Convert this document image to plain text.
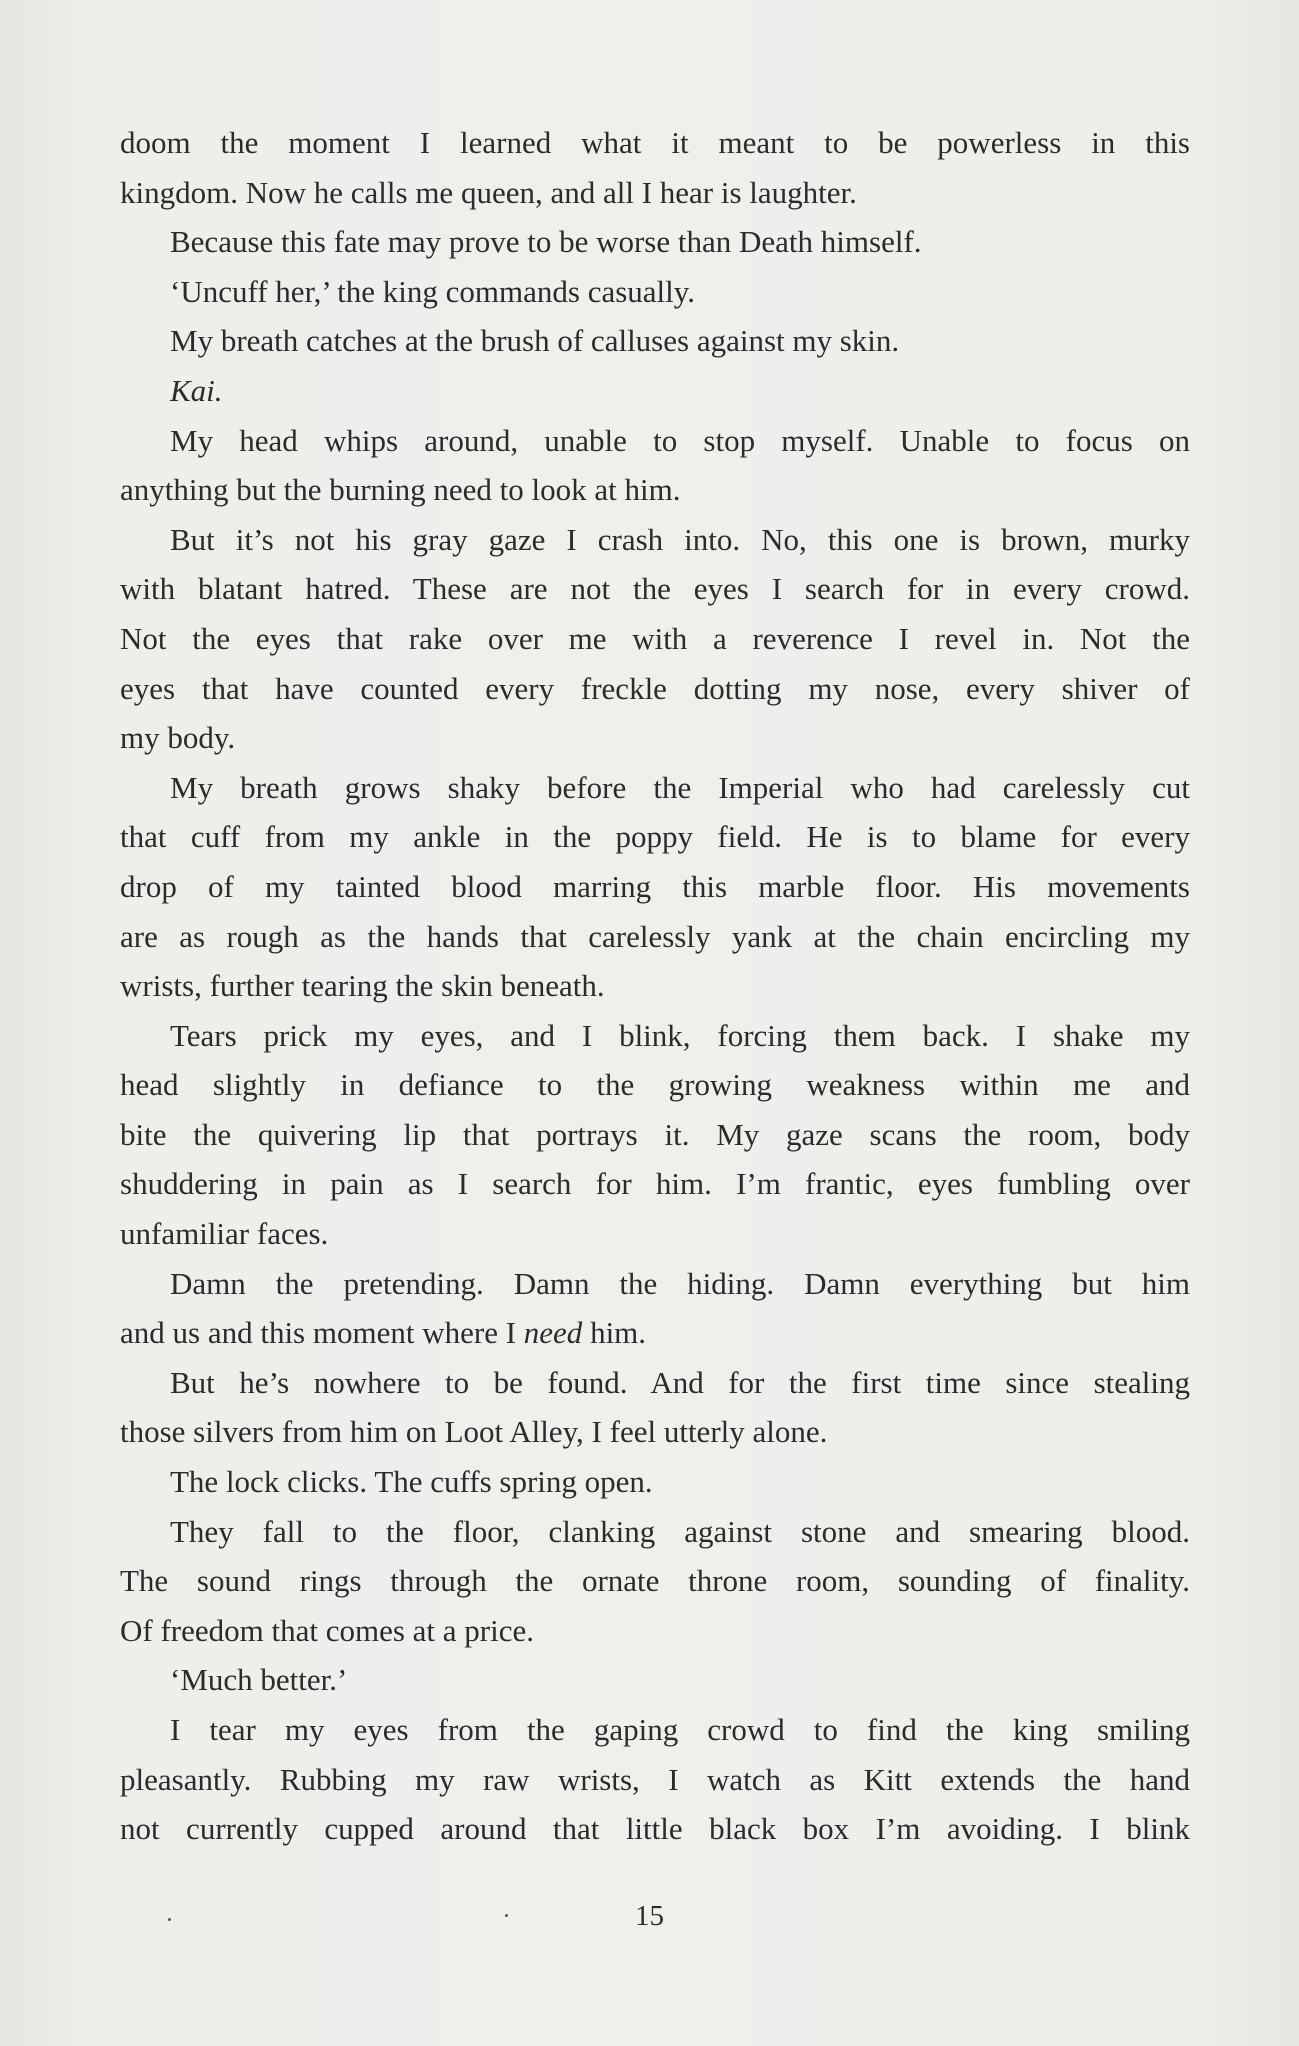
doom the moment I learned what it meant to be powerless in this
kingdom. Now he calls me queen, and all I hear is laughter.
Because this fate may prove to be worse than Death himself.
‘Uncuff her,’ the king commands casually.
My breath catches at the brush of calluses against my skin.
Kai.
My head whips around, unable to stop myself. Unable to focus on
anything but the burning need to look at him.
But it’s not his gray gaze I crash into. No, this one is brown, murky
with blatant hatred. These are not the eyes I search for in every crowd.
Not the eyes that rake over me with a reverence I revel in. Not the
eyes that have counted every freckle dotting my nose, every shiver of
my body.
My breath grows shaky before the Imperial who had carelessly cut
that cuff from my ankle in the poppy field. He is to blame for every
drop of my tainted blood marring this marble floor. His movements
are as rough as the hands that carelessly yank at the chain encircling my
wrists, further tearing the skin beneath.
Tears prick my eyes, and I blink, forcing them back. I shake my
head slightly in defiance to the growing weakness within me and
bite the quivering lip that portrays it. My gaze scans the room, body
shuddering in pain as I search for him. I’m frantic, eyes fumbling over
unfamiliar faces.
Damn the pretending. Damn the hiding. Damn everything but him
and us and this moment where I need him.
But he’s nowhere to be found. And for the first time since stealing
those silvers from him on Loot Alley, I feel utterly alone.
The lock clicks. The cuffs spring open.
They fall to the floor, clanking against stone and smearing blood.
The sound rings through the ornate throne room, sounding of finality.
Of freedom that comes at a price.
‘Much better.’
I tear my eyes from the gaping crowd to find the king smiling
pleasantly. Rubbing my raw wrists, I watch as Kitt extends the hand
not currently cupped around that little black box I’m avoiding. I blink
15
